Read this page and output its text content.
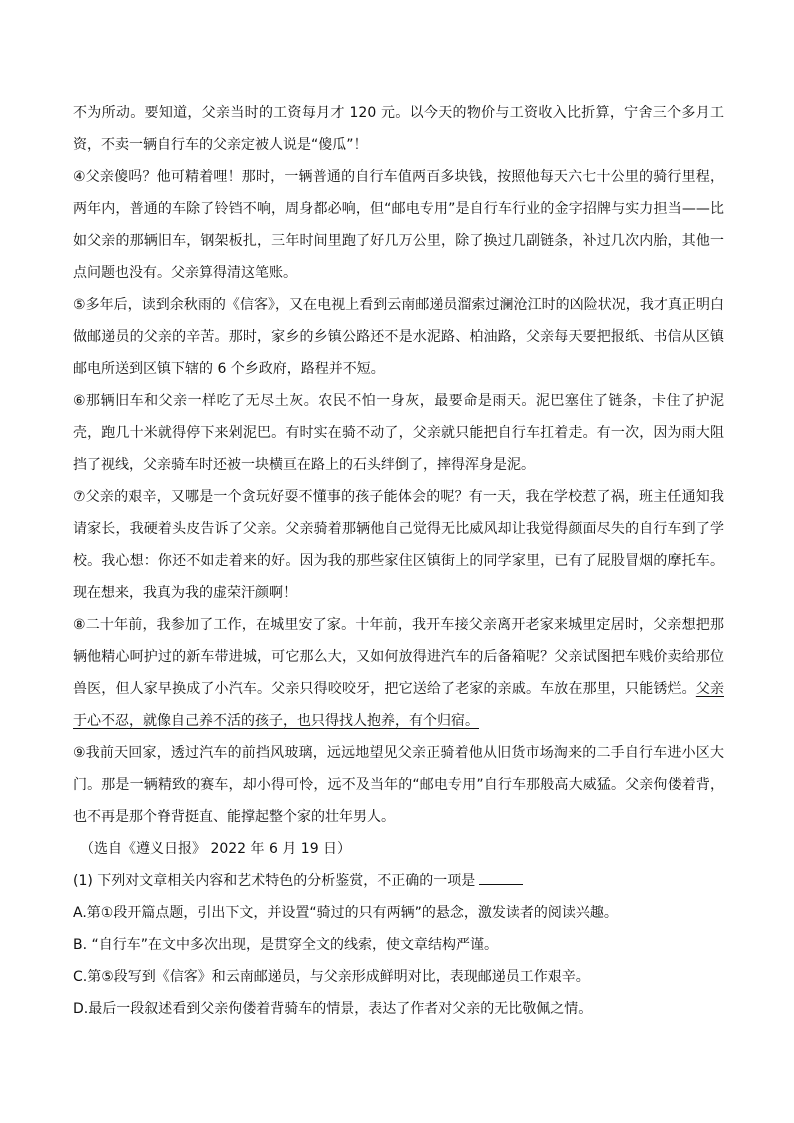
不为所动。要知道，父亲当时的工资每月才 120 元。以今天的物价与工资收入比折算，宁舍三个多月工资，不卖一辆自行车的父亲定被人说是“傻瓜”！

④父亲傻吗？他可精着哩！那时，一辆普通的自行车值两百多块钱，按照他每天六七十公里的骑行里程，两年内，普通的车除了铃铛不响，周身都必响，但“邮电专用”是自行车行业的金字招牌与实力担当——比如父亲的那辆旧车，钢架板扎，三年时间里跑了好几万公里，除了换过几副链条，补过几次内胎，其他一点问题也没有。父亲算得清这笔账。

⑤多年后，读到余秋雨的《信客》，又在电视上看到云南邮递员溜索过澜沧江时的凶险状况，我才真正明白做邮递员的父亲的辛苦。那时，家乡的乡镇公路还不是水泥路、柏油路，父亲每天要把报纸、书信从区镇邮电所送到区镇下辖的 6 个乡政府，路程并不短。

⑥那辆旧车和父亲一样吃了无尽土灰。农民不怕一身灰，最要命是雨天。泥巴塞住了链条，卡住了护泥壳，跑几十米就得停下来剁泥巴。有时实在骑不动了，父亲就只能把自行车扛着走。有一次，因为雨大阻挡了视线，父亲骑车时还被一块横亘在路上的石头绊倒了，摔得浑身是泥。

⑦父亲的艰辛，又哪是一个贪玩好耍不懂事的孩子能体会的呢？有一天，我在学校惹了祸，班主任通知我请家长，我硬着头皮告诉了父亲。父亲骑着那辆他自己觉得无比威风却让我觉得颜面尽失的自行车到了学校。我心想：你还不如走着来的好。因为我的那些家住区镇街上的同学家里，已有了屁股冒烟的摩托车。现在想来，我真为我的虚荣汗颜啊！

⑧二十年前，我参加了工作，在城里安了家。十年前，我开车接父亲离开老家来城里定居时，父亲想把那辆他精心呵护过的新车带进城，可它那么大，又如何放得进汽车的后备箱呢？父亲试图把车贱价卖给那位兽医，但人家早换成了小汽车。父亲只得咬咬牙，把它送给了老家的亲戚。车放在那里，只能锈烂。父亲于心不忍，就像自己养不活的孩子，也只得找人抱养，有个归宿。

⑨我前天回家，透过汽车的前挡风玻璃，远远地望见父亲正骑着他从旧货市场淘来的二手自行车进小区大门。那是一辆精致的赛车，却小得可怜，远不及当年的“邮电专用”自行车那般高大威猛。父亲佝偻着背，也不再是那个脊背挺直、能撑起整个家的壮年男人。

（选自《遵义日报》 2022 年 6 月 19 日）

(1) 下列对文章相关内容和艺术特色的分析鉴赏，不正确的一项是

A.第①段开篇点题，引出下文，并设置“骑过的只有两辆”的悬念，激发读者的阅读兴趣。

B. “自行车”在文中多次出现，是贯穿全文的线索，使文章结构严谨。

C.第⑤段写到《信客》和云南邮递员，与父亲形成鲜明对比，表现邮递员工作艰辛。

D.最后一段叙述看到父亲佝偻着背骑车的情景，表达了作者对父亲的无比敬佩之情。
